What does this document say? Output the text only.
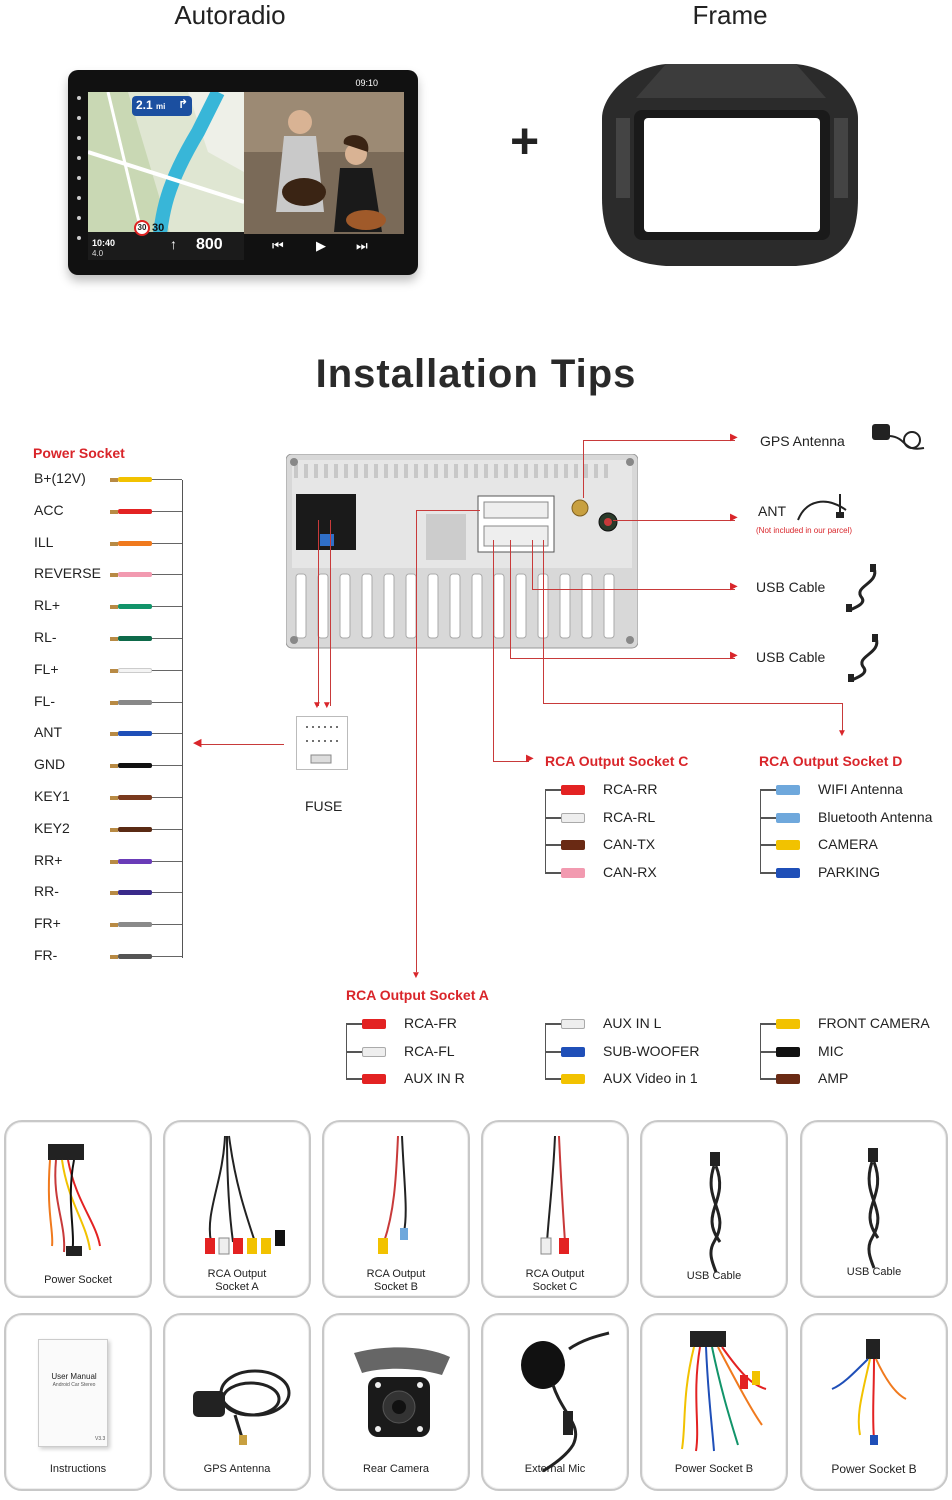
Autoradio	Frame
09:10
2.1 mi ↱
30 30
10:40
4.0
↑ 800	⏮ ▶ ⏭
+
Installation Tips
Power Socket
B+(12V)
ACC
ILL
REVERSE
RL+
RL-
FL+
FL-
ANT
GND
KEY1
KEY2
RR+
RR-
FR+
FR-
◀
▶
▶
▶
▶
▼
▶
▼
▼▼
FUSE
GPS Antenna
ANT
(Not included in our parcel)
USB Cable
USB Cable
RCA Output Socket C
RCA-RR
RCA-RL
CAN-TX
CAN-RX
RCA Output Socket D
WIFI Antenna
Bluetooth Antenna
CAMERA
PARKING
RCA Output Socket A
RCA-FR
RCA-FL
AUX IN R
AUX IN L
SUB-WOOFER
AUX Video in 1
FRONT CAMERA
MIC
AMP
Power Socket	RCA Output Socket A
RCA Output Socket B
RCA Output Socket C
USB Cable	USB Cable
User Manual
Android Car Stereo
V3.3
Instructions	GPS Antenna	Rear Camera	External Mic	Power Socket B	Power Socket B
